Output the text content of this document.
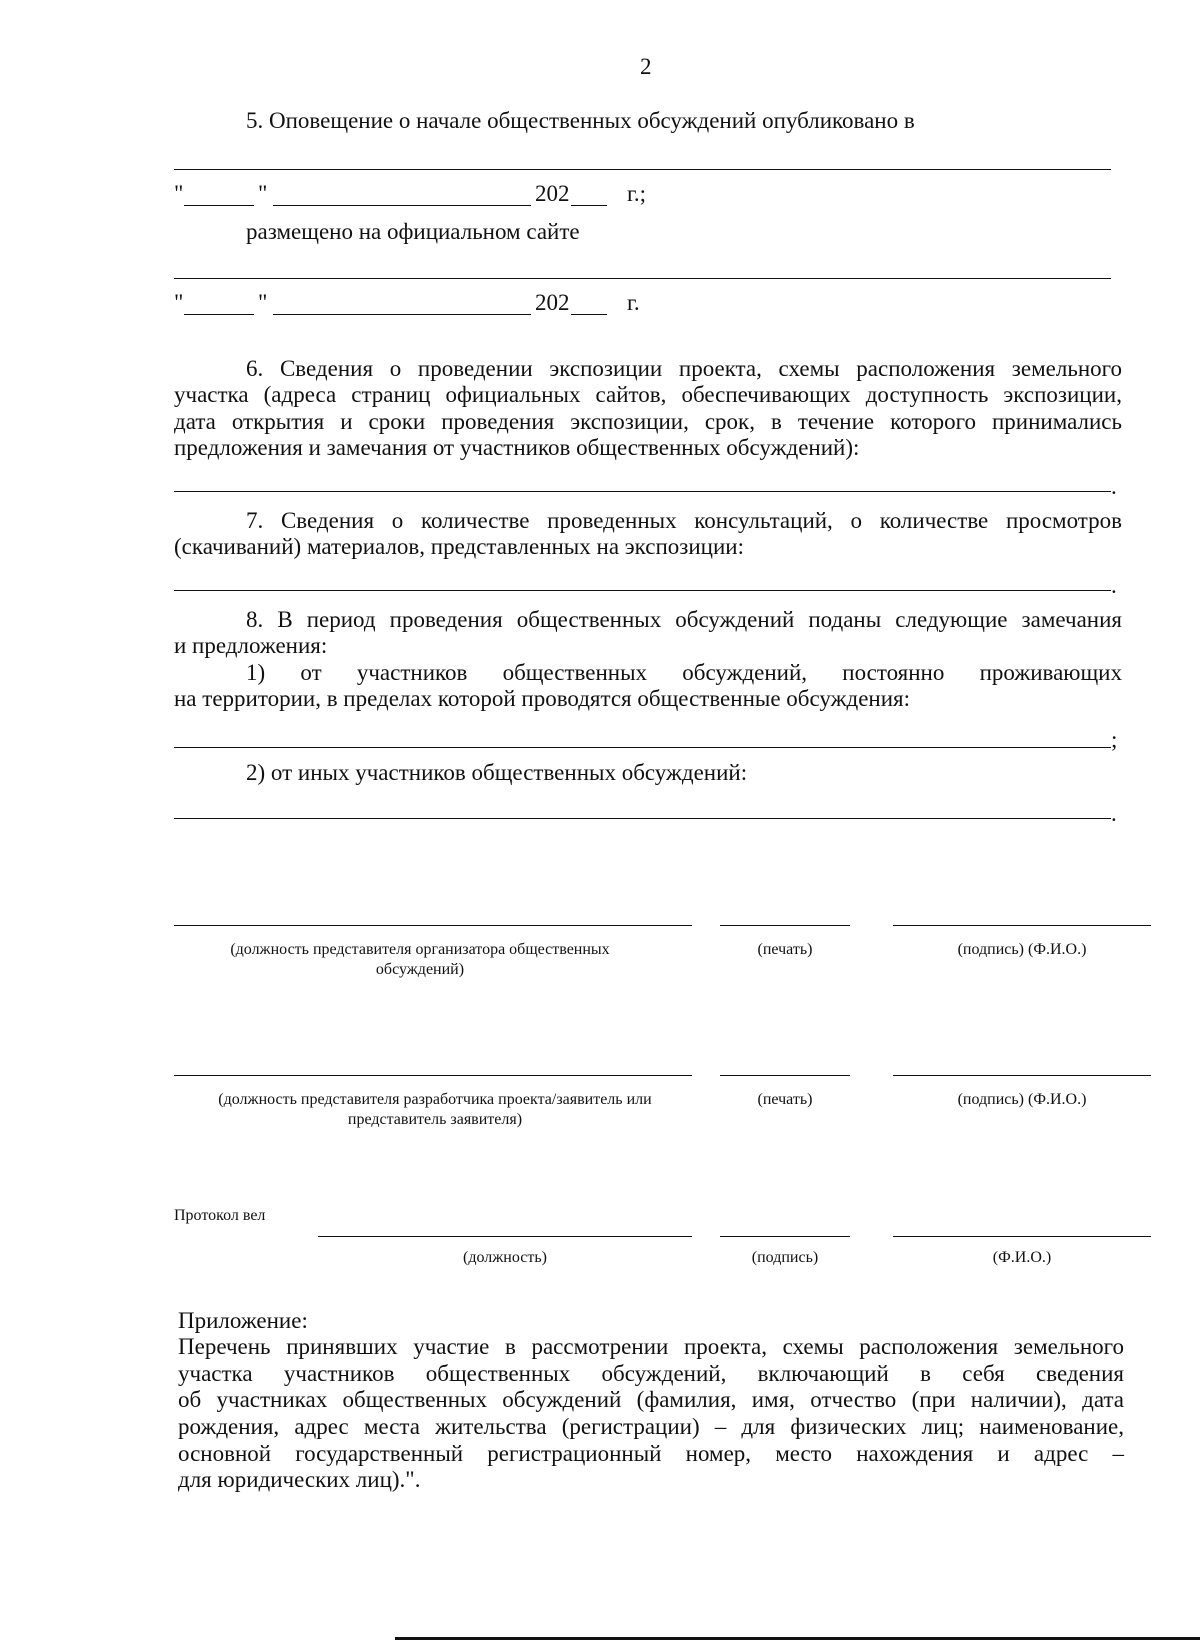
2
5. Оповещение о начале общественных обсуждений опубликовано в
"	"	202	г.;
размещено на официальном сайте
"	"	202	г.
6. Сведения о проведении экспозиции проекта, схемы расположения земельного
участка (адреса страниц официальных сайтов, обеспечивающих доступность экспозиции,
дата открытия и сроки проведения экспозиции, срок, в течение которого принимались
предложения и замечания от участников общественных обсуждений):
.
7. Сведения о количестве проведенных консультаций, о количестве просмотров
(скачиваний) материалов, представленных на экспозиции:
.
8. В период проведения общественных обсуждений поданы следующие замечания
и предложения:
1) от участников общественных обсуждений, постоянно проживающих
на территории, в пределах которой проводятся общественные обсуждения:
;
2) от иных участников общественных обсуждений:
.
(должность представителя организатора общественных обсуждений)
(печать)	(подпись) (Ф.И.О.)
(должность представителя разработчика проекта/заявитель или представитель заявителя)
(печать)	(подпись) (Ф.И.О.)
Протокол вел
(должность)	(подпись)	(Ф.И.О.)
Приложение:
Перечень принявших участие в рассмотрении проекта, схемы расположения земельного
участка участников общественных обсуждений, включающий в себя сведения
об участниках общественных обсуждений (фамилия, имя, отчество (при наличии), дата
рождения, адрес места жительства (регистрации) – для физических лиц; наименование,
основной государственный регистрационный номер, место нахождения и адрес –
для юридических лиц).".
